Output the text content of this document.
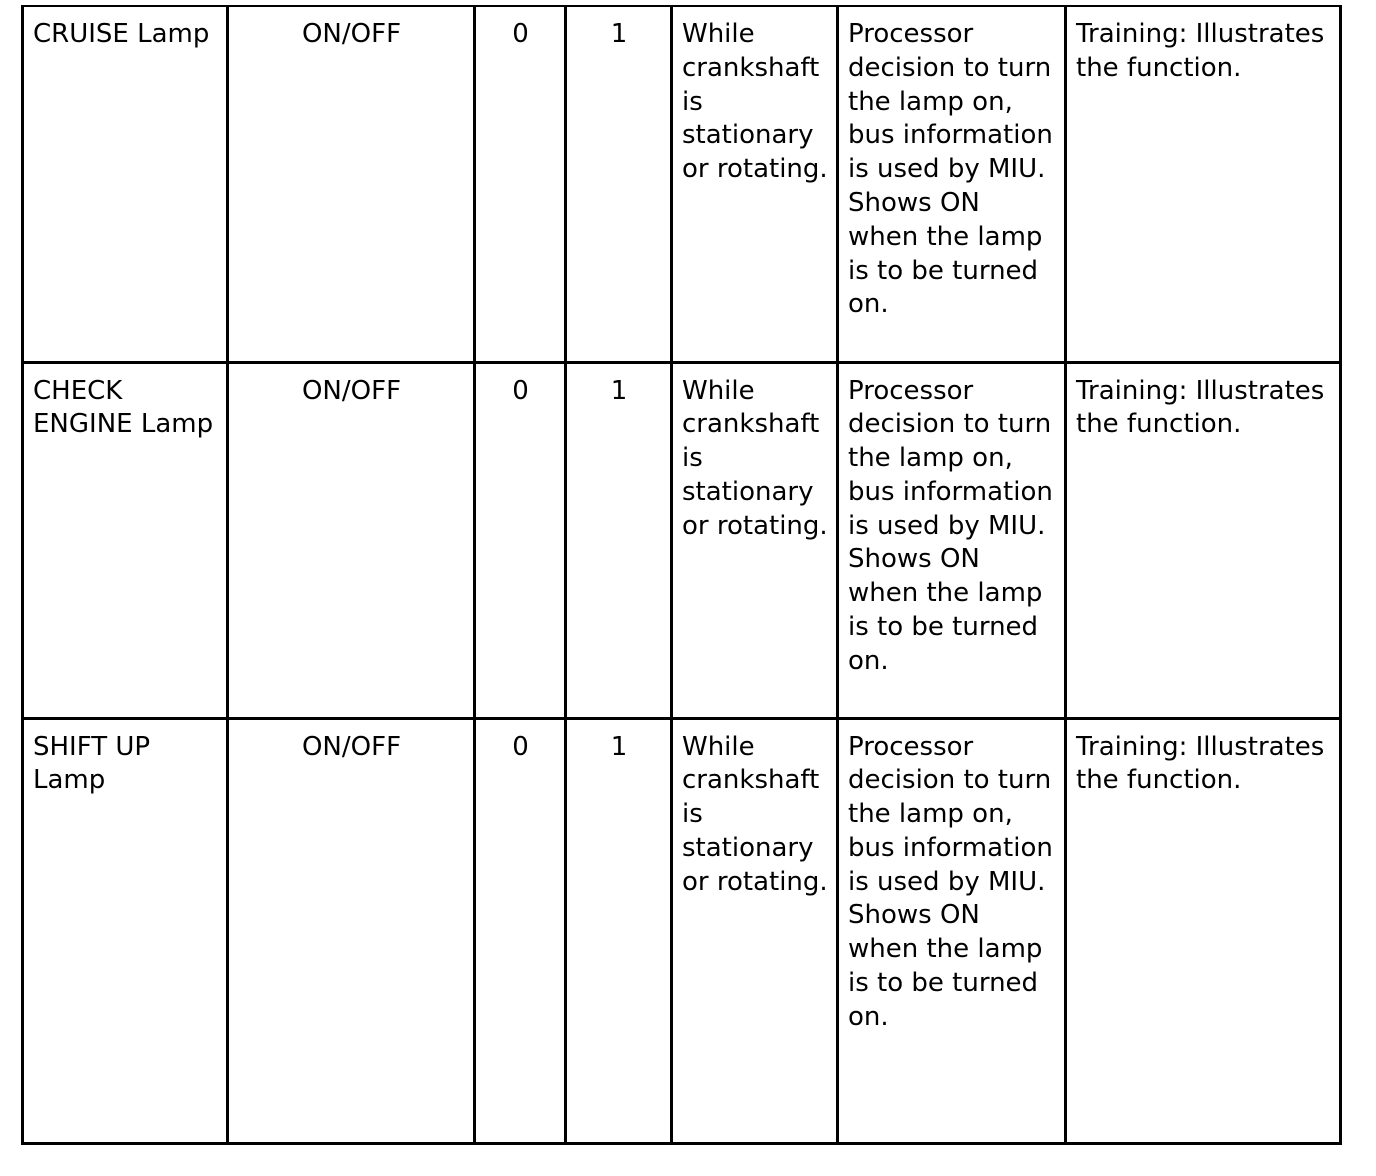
CRUISE Lamp	ON/OFF	0	1	While crankshaft is stationary or rotating.	Processor decision to turn the lamp on, bus information is used by MIU. Shows ON when the lamp is to be turned on.	Training: Illustrates the function.
CHECK ENGINE Lamp	ON/OFF	0	1	While crankshaft is stationary or rotating.	Processor decision to turn the lamp on, bus information is used by MIU. Shows ON when the lamp is to be turned on.	Training: Illustrates the function.
SHIFT UP Lamp	ON/OFF	0	1	While crankshaft is stationary or rotating.	Processor decision to turn the lamp on, bus information is used by MIU. Shows ON when the lamp is to be turned on.	Training: Illustrates the function.
